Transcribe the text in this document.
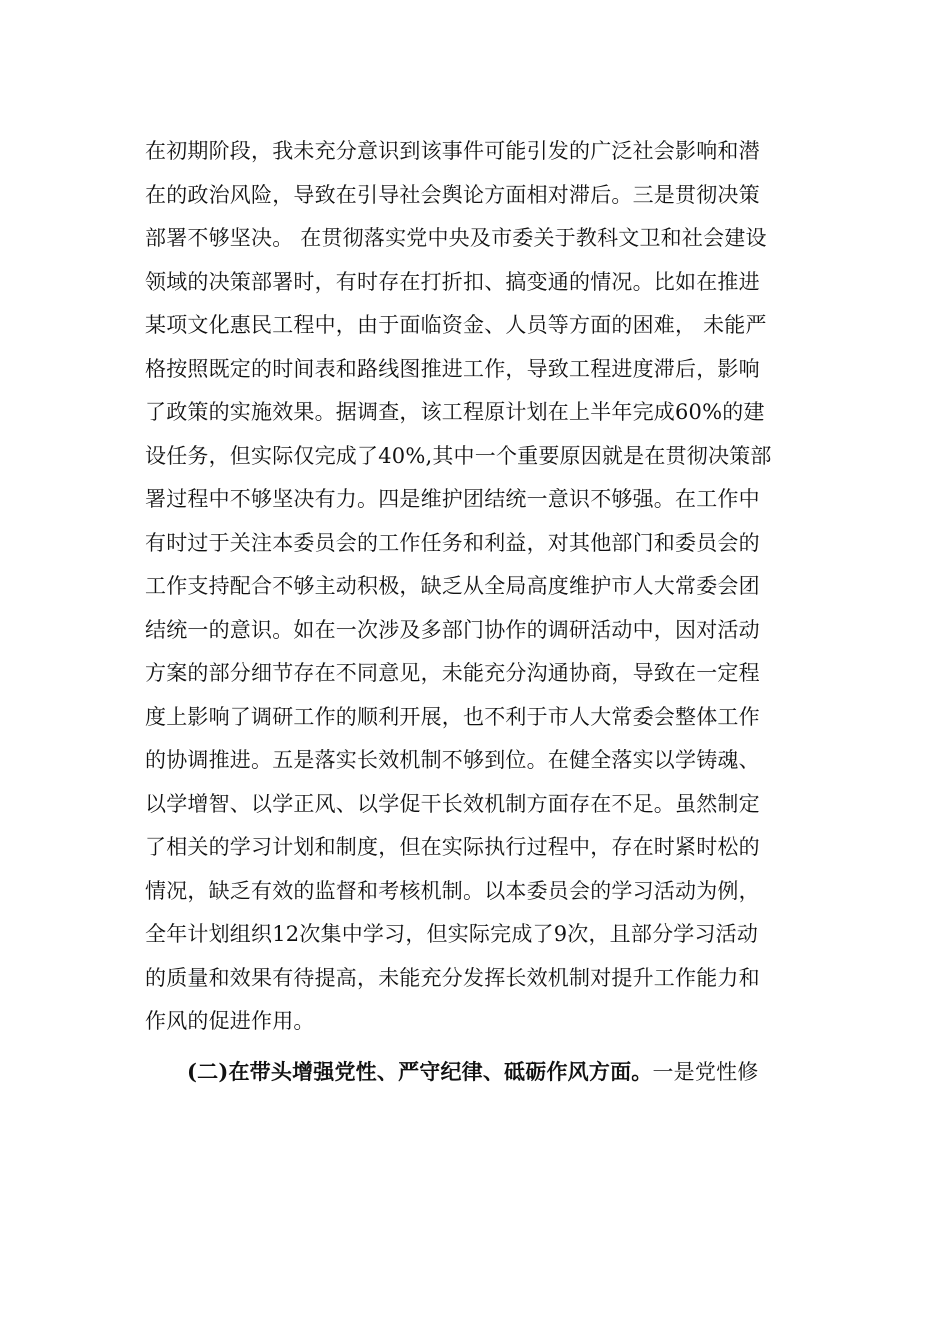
在初期阶段，我未充分意识到该事件可能引发的广泛社会影响和潜
在的政治风险，导致在引导社会舆论方面相对滞后。三是贯彻决策
部署不够坚决。 在贯彻落实党中央及市委关于教科文卫和社会建设
领域的决策部署时，有时存在打折扣、搞变通的情况。比如在推进
某项文化惠民工程中，由于面临资金、人员等方面的困难， 未能严
格按照既定的时间表和路线图推进工作，导致工程进度滞后，影响
了政策的实施效果。据调查，该工程原计划在上半年完成60%的建
设任务，但实际仅完成了40%,其中一个重要原因就是在贯彻决策部
署过程中不够坚决有力。四是维护团结统一意识不够强。在工作中
有时过于关注本委员会的工作任务和利益，对其他部门和委员会的
工作支持配合不够主动积极，缺乏从全局高度维护市人大常委会团
结统一的意识。如在一次涉及多部门协作的调研活动中，因对活动
方案的部分细节存在不同意见，未能充分沟通协商，导致在一定程
度上影响了调研工作的顺利开展，也不利于市人大常委会整体工作
的协调推进。五是落实长效机制不够到位。在健全落实以学铸魂、
以学增智、以学正风、以学促干长效机制方面存在不足。虽然制定
了相关的学习计划和制度，但在实际执行过程中，存在时紧时松的
情况，缺乏有效的监督和考核机制。以本委员会的学习活动为例，
全年计划组织12次集中学习，但实际完成了9次，且部分学习活动
的质量和效果有待提高，未能充分发挥长效机制对提升工作能力和
作风的促进作用。
(二)在带头增强党性、严守纪律、砥砺作风方面。一是党性修
